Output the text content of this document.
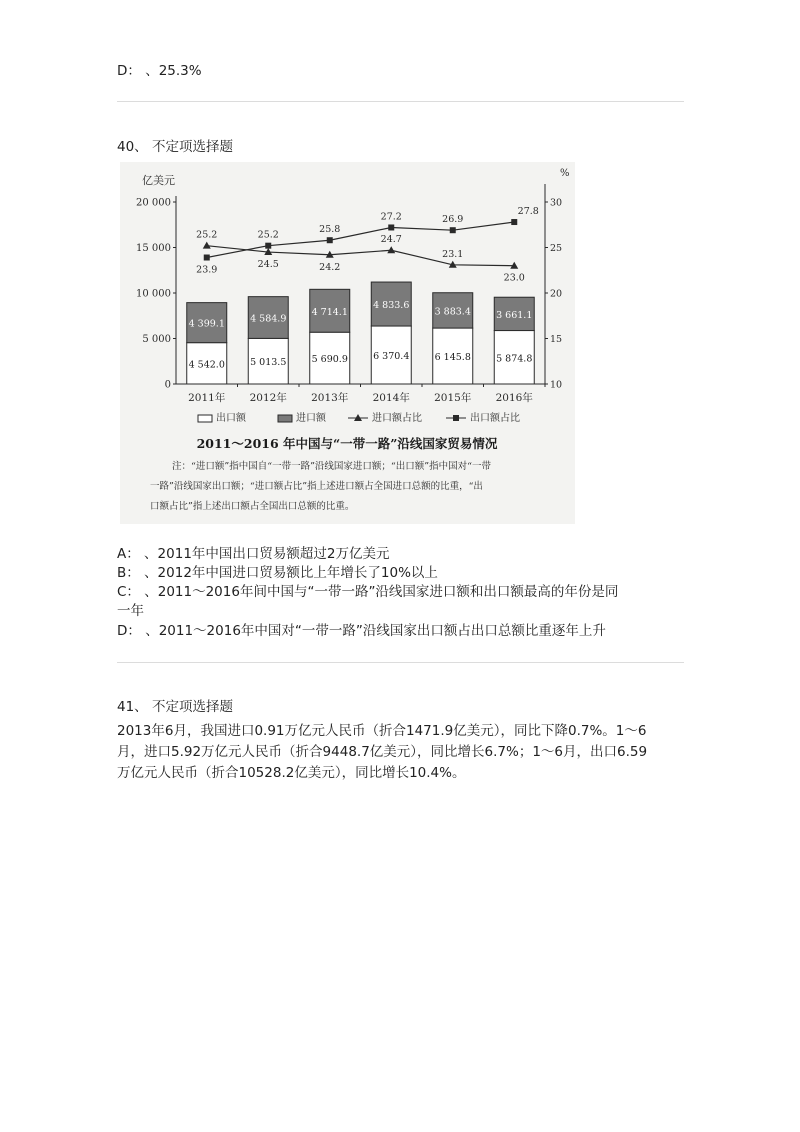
D： 、25.3%
40、 不定项选择题
亿美元
%
0
5 000
10 000
15 000
20 000
10
15
20
25
30
2011年 2012年 2013年 2014年 2015年 2016年
4 542.0
4 399.1
5 013.5
4 584.9
5 690.9
4 714.1
6 370.4
4 833.6
6 145.8
3 883.4
5 874.8
3 661.1
23.9
25.2	25.8
27.2	26.9
27.8
25.2
24.5	24.2
24.7
23.1
23.0
出口额	进口额	进口额占比	出口额占比
2011～2016 年中国与“一带一路”沿线国家贸易情况
注：“进口额”指中国自“一带一路”沿线国家进口额；“出口额”指中国对“一带
一路”沿线国家出口额；“进口额占比”指上述进口额占全国进口总额的比重，“出
口额占比”指上述出口额占全国出口总额的比重。
A： 、2011年中国出口贸易额超过2万亿美元
B： 、2012年中国进口贸易额比上年增长了10%以上
C： 、2011～2016年间中国与“一带一路”沿线国家进口额和出口额最高的年份是同
一年
D： 、2011～2016年中国对“一带一路”沿线国家出口额占出口总额比重逐年上升
41、 不定项选择题
2013年6月，我国进口0.91万亿元人民币（折合1471.9亿美元），同比下降0.7%。1～6
月，进口5.92万亿元人民币（折合9448.7亿美元），同比增长6.7%；1～6月，出口6.59
万亿元人民币（折合10528.2亿美元），同比增长10.4%。
